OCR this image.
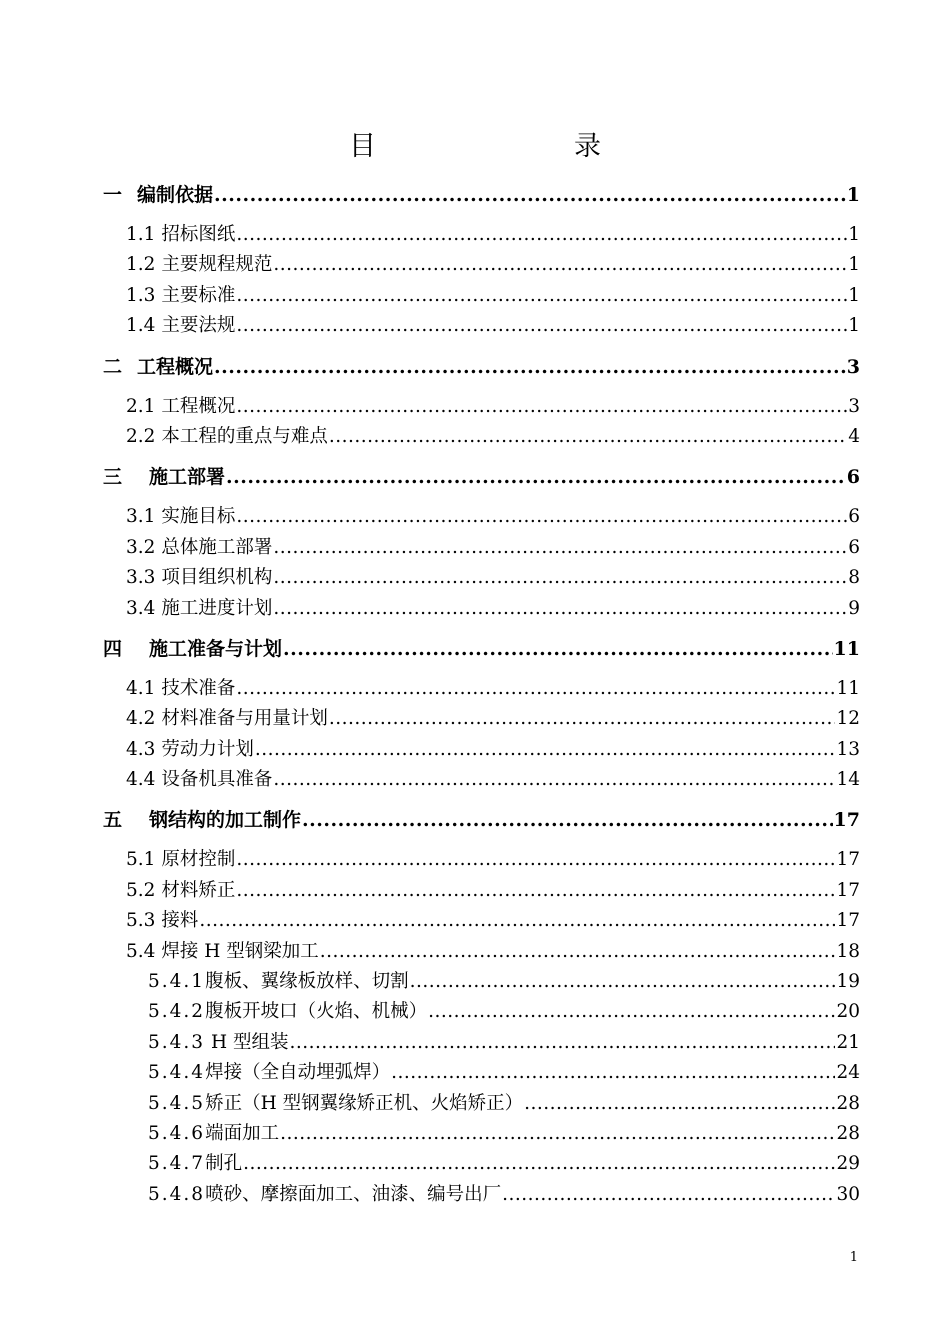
目　　录
一 编制依据 .....	1
1.1 招标图纸 .....	1
1.2 主要规程规范 .....	1
1.3 主要标准 .....	1
1.4 主要法规 .....	1
二 工程概况 .....	3
2.1 工程概况 .....	3
2.2 本工程的重点与难点 .....	4
三 施工部署 .....	6
3.1 实施目标 .....	6
3.2 总体施工部署 .....	6
3.3 项目组织机构 .....	8
3.4 施工进度计划 .....	9
四 施工准备与计划 .....	11
4.1 技术准备 .....	11
4.2 材料准备与用量计划 .....	12
4.3 劳动力计划 .....	13
4.4 设备机具准备 .....	14
五 钢结构的加工制作 .....	17
5.1 原材控制 .....	17
5.2 材料矫正 .....	17
5.3 接料 .....	17
5.4 焊接 H 型钢梁加工 .....	18
5.4.1腹板、翼缘板放样、切割 .....	19
5.4.2腹板开坡口（火焰、机械） .....	20
5.4.3 H 型组装 .....	21
5.4.4焊接（全自动埋弧焊） .....	24
5.4.5矫正（H 型钢翼缘矫正机、火焰矫正） .....	28
5.4.6端面加工 .....	28
5.4.7制孔 .....	29
5.4.8喷砂、摩擦面加工、油漆、编号出厂 .....	30
1
